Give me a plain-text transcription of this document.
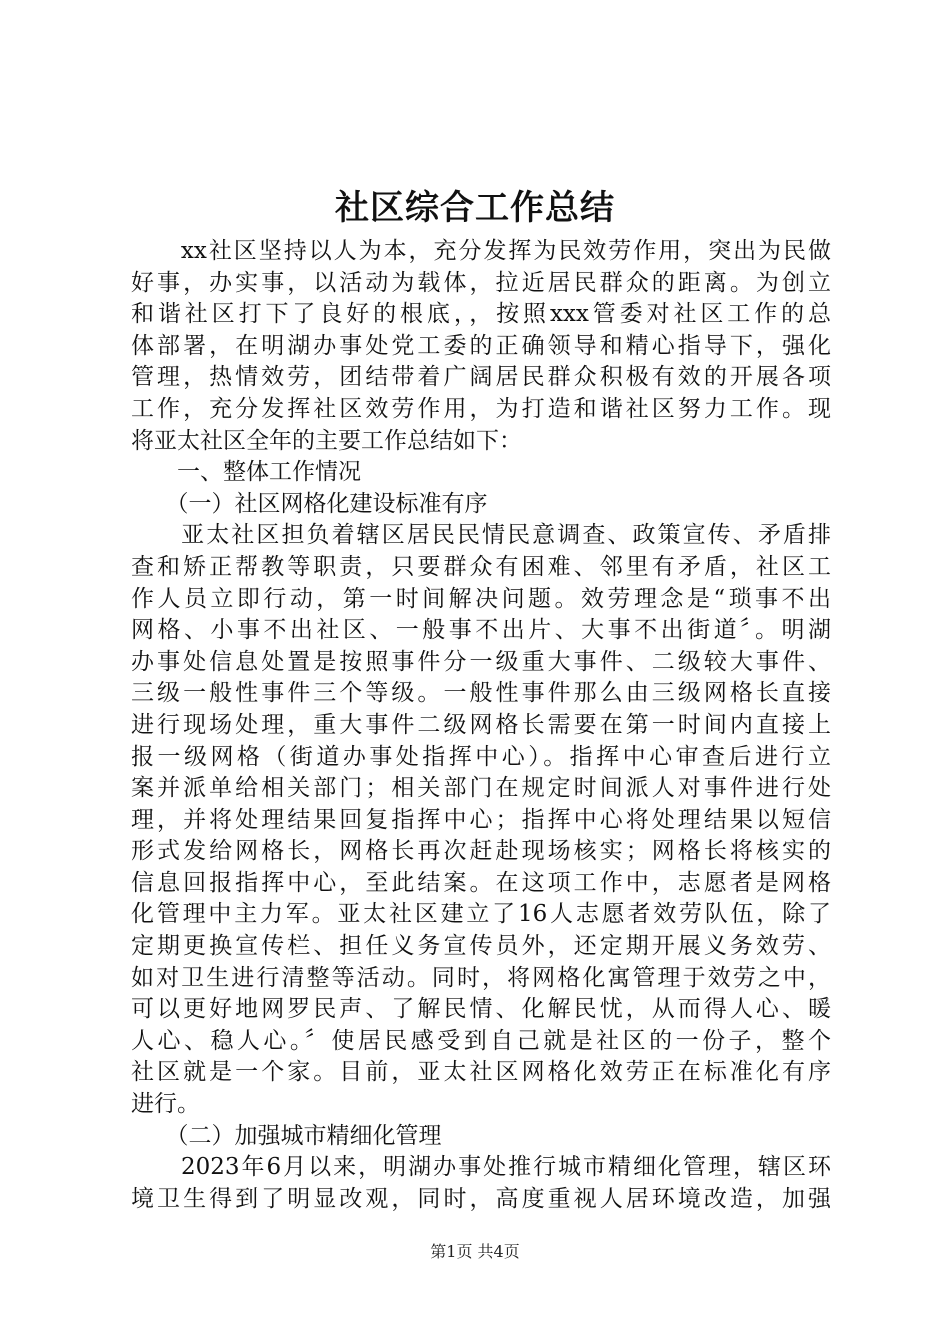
社区综合工作总结
　　xx社区坚持以人为本，充分发挥为民效劳作用，突出为民做
好事，办实事，以活动为载体，拉近居民群众的距离。为创立
和谐社区打下了良好的根底，，按照xxx管委对社区工作的总
体部署，在明湖办事处党工委的正确领导和精心指导下，强化
管理，热情效劳，团结带着广阔居民群众积极有效的开展各项
工作，充分发挥社区效劳作用，为打造和谐社区努力工作。现
将亚太社区全年的主要工作总结如下：
　　一、整体工作情况
　　（一）社区网格化建设标准有序
　　亚太社区担负着辖区居民民情民意调查、政策宣传、矛盾排
查和矫正帮教等职责，只要群众有困难、邻里有矛盾，社区工
作人员立即行动，第一时间解决问题。效劳理念是“琐事不出
网格、小事不出社区、一般事不出片、大事不出街道〞。明湖
办事处信息处置是按照事件分一级重大事件、二级较大事件、
三级一般性事件三个等级。一般性事件那么由三级网格长直接
进行现场处理，重大事件二级网格长需要在第一时间内直接上
报一级网格（街道办事处指挥中心）。指挥中心审查后进行立
案并派单给相关部门；相关部门在规定时间派人对事件进行处
理，并将处理结果回复指挥中心；指挥中心将处理结果以短信
形式发给网格长，网格长再次赶赴现场核实；网格长将核实的
信息回报指挥中心，至此结案。在这项工作中，志愿者是网格
化管理中主力军。亚太社区建立了16人志愿者效劳队伍，除了
定期更换宣传栏、担任义务宣传员外，还定期开展义务效劳、
如对卫生进行清整等活动。同时，将网格化寓管理于效劳之中，
可以更好地网罗民声、了解民情、化解民忧，从而得人心、暖
人心、稳人心。〞使居民感受到自己就是社区的一份子，整个
社区就是一个家。目前，亚太社区网格化效劳正在标准化有序
进行。
　　（二）加强城市精细化管理
　　2023年6月以来，明湖办事处推行城市精细化管理，辖区环
境卫生得到了明显改观，同时，高度重视人居环境改造，加强
第1页 共4页
